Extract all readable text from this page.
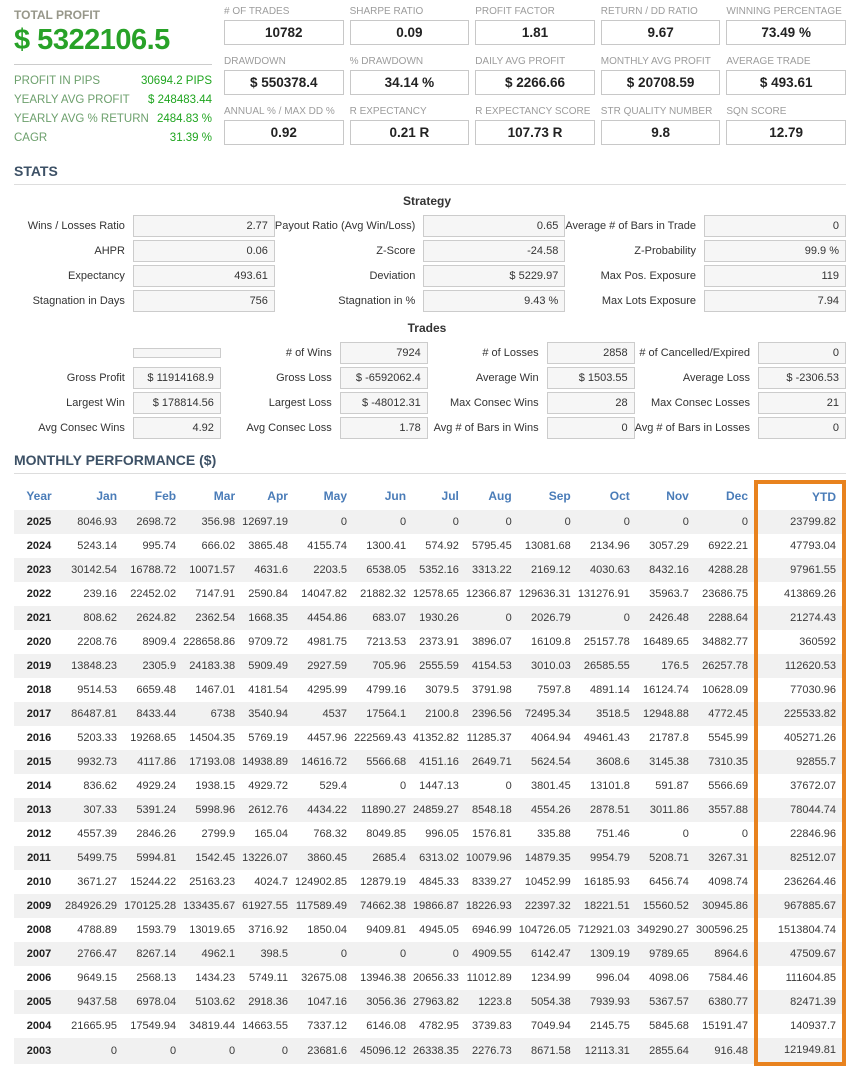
TOTAL PROFIT
$ 5322106.5
PROFIT IN PIPS	30694.2 PIPS
YEARLY AVG PROFIT $ 248483.44
YEARLY AVG % RETURN 2484.83 %
CAGR	31.39 %
# OF TRADES
10782
SHARPE RATIO
0.09
PROFIT FACTOR
1.81
RETURN / DD RATIO
9.67
WINNING PERCENTAGE
73.49 %
DRAWDOWN
$ 550378.4
% DRAWDOWN
34.14 %
DAILY AVG PROFIT
$ 2266.66
MONTHLY AVG PROFIT
$ 20708.59
AVERAGE TRADE
$ 493.61
ANNUAL % / MAX DD %
0.92
R EXPECTANCY
0.21 R
R EXPECTANCY SCORE
107.73 R
STR QUALITY NUMBER
9.8
SQN SCORE
12.79
STATS
Strategy
Wins / Losses Ratio	2.77 Payout Ratio (Avg Win/Loss)	0.65 Average # of Bars in Trade	0
AHPR	0.06	Z-Score	-24.58	Z-Probability	99.9 %
Expectancy	493.61	Deviation	$ 5229.97	Max Pos. Exposure	119
Stagnation in Days	756	Stagnation in %	9.43 %	Max Lots Exposure	7.94
Trades
# of Wins	7924	# of Losses	2858	# of Cancelled/Expired	0
Gross Profit	$ 11914168.9	Gross Loss	$ -6592062.4	Average Win	$ 1503.55	Average Loss	$ -2306.53
Largest Win	$ 178814.56	Largest Loss	$ -48012.31	Max Consec Wins	28	Max Consec Losses	21
Avg Consec Wins	4.92	Avg Consec Loss	1.78	Avg # of Bars in Wins	0 Avg # of Bars in Losses	0
MONTHLY PERFORMANCE ($)
Year	Jan	Feb	Mar	Apr	May	Jun	Jul	Aug	Sep	Oct	Nov	Dec	YTD
2025	8046.93	2698.72	356.98	12697.19	0	0	0	0	0	0	0	0	23799.82
2024	5243.14	995.74	666.02	3865.48	4155.74	1300.41	574.92	5795.45	13081.68	2134.96	3057.29	6922.21	47793.04
2023	30142.54	16788.72	10071.57	4631.6	2203.5	6538.05	5352.16	3313.22	2169.12	4030.63	8432.16	4288.28	97961.55
2022	239.16	22452.02	7147.91	2590.84	14047.82	21882.32	12578.65	12366.87	129636.31	131276.91	35963.7	23686.75	413869.26
2021	808.62	2624.82	2362.54	1668.35	4454.86	683.07	1930.26	0	2026.79	0	2426.48	2288.64	21274.43
2020	2208.76	8909.4	228658.86	9709.72	4981.75	7213.53	2373.91	3896.07	16109.8	25157.78	16489.65	34882.77	360592
2019	13848.23	2305.9	24183.38	5909.49	2927.59	705.96	2555.59	4154.53	3010.03	26585.55	176.5	26257.78	112620.53
2018	9514.53	6659.48	1467.01	4181.54	4295.99	4799.16	3079.5	3791.98	7597.8	4891.14	16124.74	10628.09	77030.96
2017	86487.81	8433.44	6738	3540.94	4537	17564.1	2100.8	2396.56	72495.34	3518.5	12948.88	4772.45	225533.82
2016	5203.33	19268.65	14504.35	5769.19	4457.96	222569.43	41352.82	11285.37	4064.94	49461.43	21787.8	5545.99	405271.26
2015	9932.73	4117.86	17193.08	14938.89	14616.72	5566.68	4151.16	2649.71	5624.54	3608.6	3145.38	7310.35	92855.7
2014	836.62	4929.24	1938.15	4929.72	529.4	0	1447.13	0	3801.45	13101.8	591.87	5566.69	37672.07
2013	307.33	5391.24	5998.96	2612.76	4434.22	11890.27	24859.27	8548.18	4554.26	2878.51	3011.86	3557.88	78044.74
2012	4557.39	2846.26	2799.9	165.04	768.32	8049.85	996.05	1576.81	335.88	751.46	0	0	22846.96
2011	5499.75	5994.81	1542.45	13226.07	3860.45	2685.4	6313.02	10079.96	14879.35	9954.79	5208.71	3267.31	82512.07
2010	3671.27	15244.22	25163.23	4024.7	124902.85	12879.19	4845.33	8339.27	10452.99	16185.93	6456.74	4098.74	236264.46
2009	284926.29	170125.28	133435.67	61927.55	117589.49	74662.38	19866.87	18226.93	22397.32	18221.51	15560.52	30945.86	967885.67
2008	4788.89	1593.79	13019.65	3716.92	1850.04	9409.81	4945.05	6946.99	104726.05	712921.03	349290.27	300596.25	1513804.74
2007	2766.47	8267.14	4962.1	398.5	0	0	0	4909.55	6142.47	1309.19	9789.65	8964.6	47509.67
2006	9649.15	2568.13	1434.23	5749.11	32675.08	13946.38	20656.33	11012.89	1234.99	996.04	4098.06	7584.46	111604.85
2005	9437.58	6978.04	5103.62	2918.36	1047.16	3056.36	27963.82	1223.8	5054.38	7939.93	5367.57	6380.77	82471.39
2004	21665.95	17549.94	34819.44	14663.55	7337.12	6146.08	4782.95	3739.83	7049.94	2145.75	5845.68	15191.47	140937.7
2003	0	0	0	0	23681.6	45096.12	26338.35	2276.73	8671.58	12113.31	2855.64	916.48	121949.81
